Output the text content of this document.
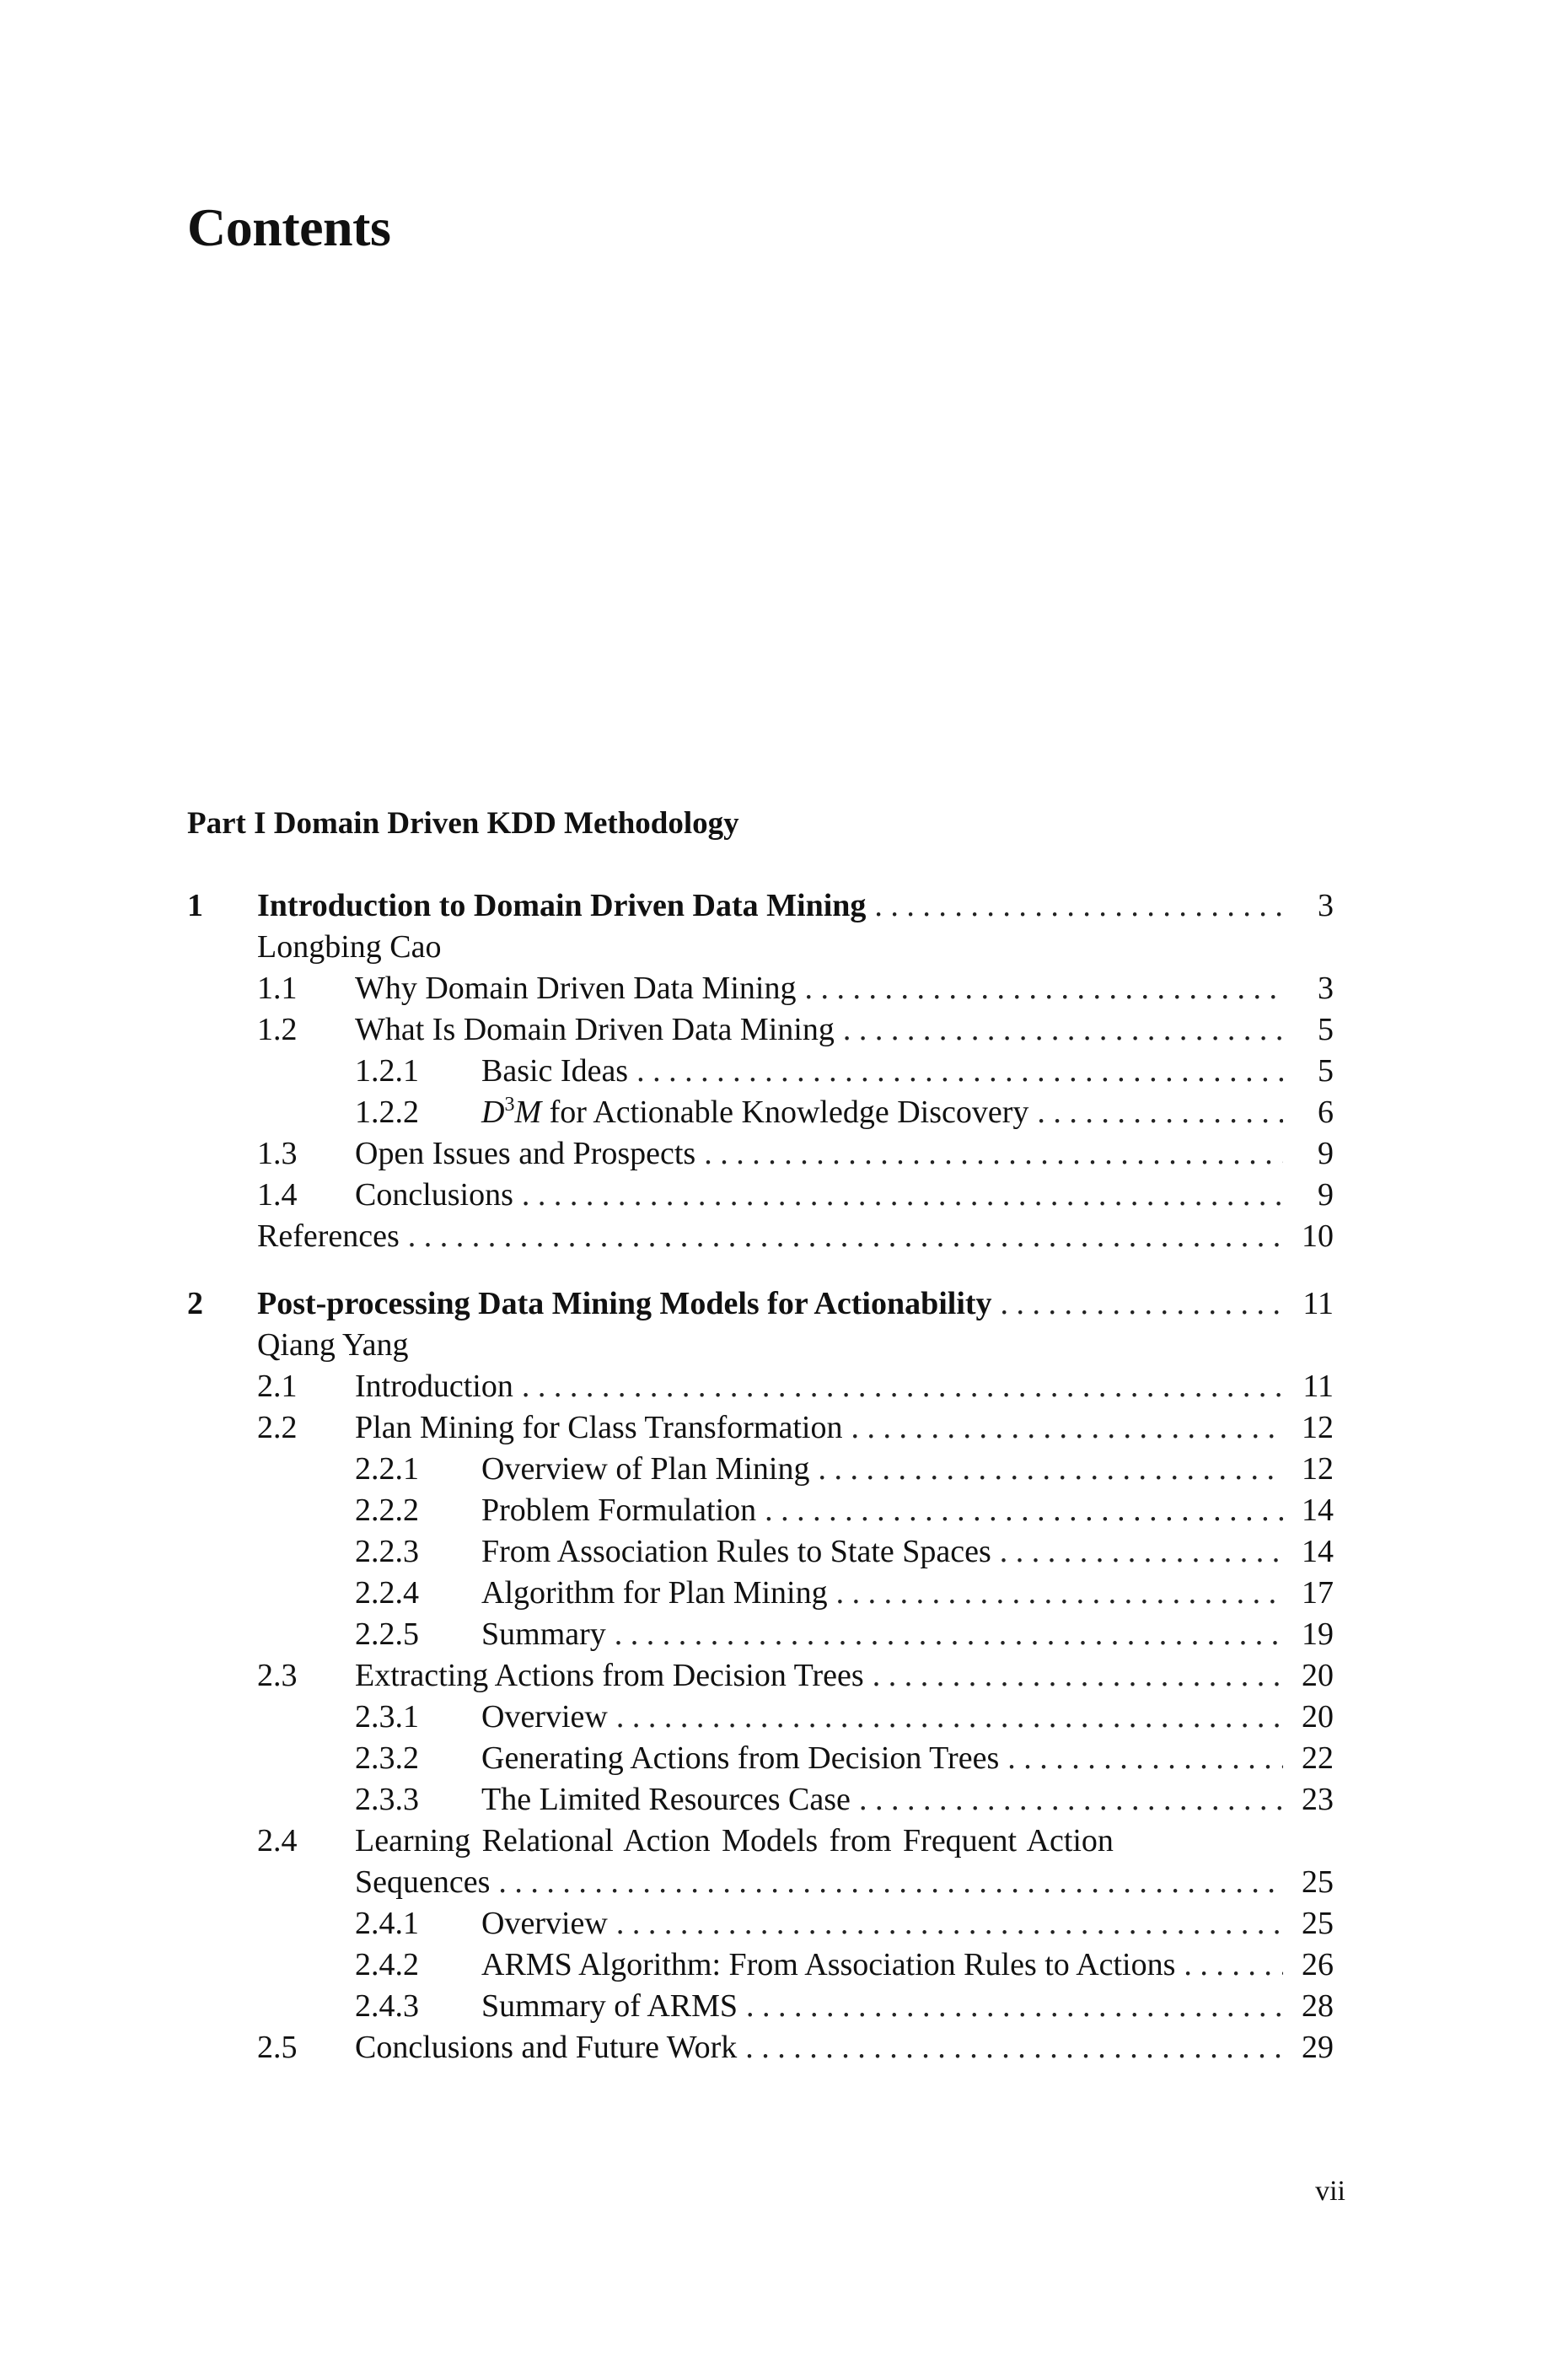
Contents
Part I Domain Driven KDD Methodology
1 Introduction to Domain Driven Data Mining . . .	3
Longbing Cao
1.1 Why Domain Driven Data Mining . . .	3
1.2 What Is Domain Driven Data Mining . . .	5
1.2.1 Basic Ideas . . .	5
1.2.2 $D^3M$ for Actionable Knowledge Discovery . . .	6
1.3 Open Issues and Prospects . . .	9
1.4 Conclusions . . .	9
References . . .	10
2 Post-processing Data Mining Models for Actionability . . .	11
Qiang Yang
2.1 Introduction . . .	11
2.2 Plan Mining for Class Transformation . . .	12
2.2.1 Overview of Plan Mining . . .	12
2.2.2 Problem Formulation . . .	14
2.2.3 From Association Rules to State Spaces . . .	14
2.2.4 Algorithm for Plan Mining . . .	17
2.2.5 Summary . . .	19
2.3 Extracting Actions from Decision Trees . . .	20
2.3.1 Overview . . .	20
2.3.2 Generating Actions from Decision Trees . . .	22
2.3.3 The Limited Resources Case . . .	23
2.4 Learning Relational Action Models from Frequent Action
Sequences . . .	25
2.4.1 Overview . . .	25
2.4.2 ARMS Algorithm: From Association Rules to Actions . . .	26
2.4.3 Summary of ARMS . . .	28
2.5 Conclusions and Future Work . . .	29
vii
